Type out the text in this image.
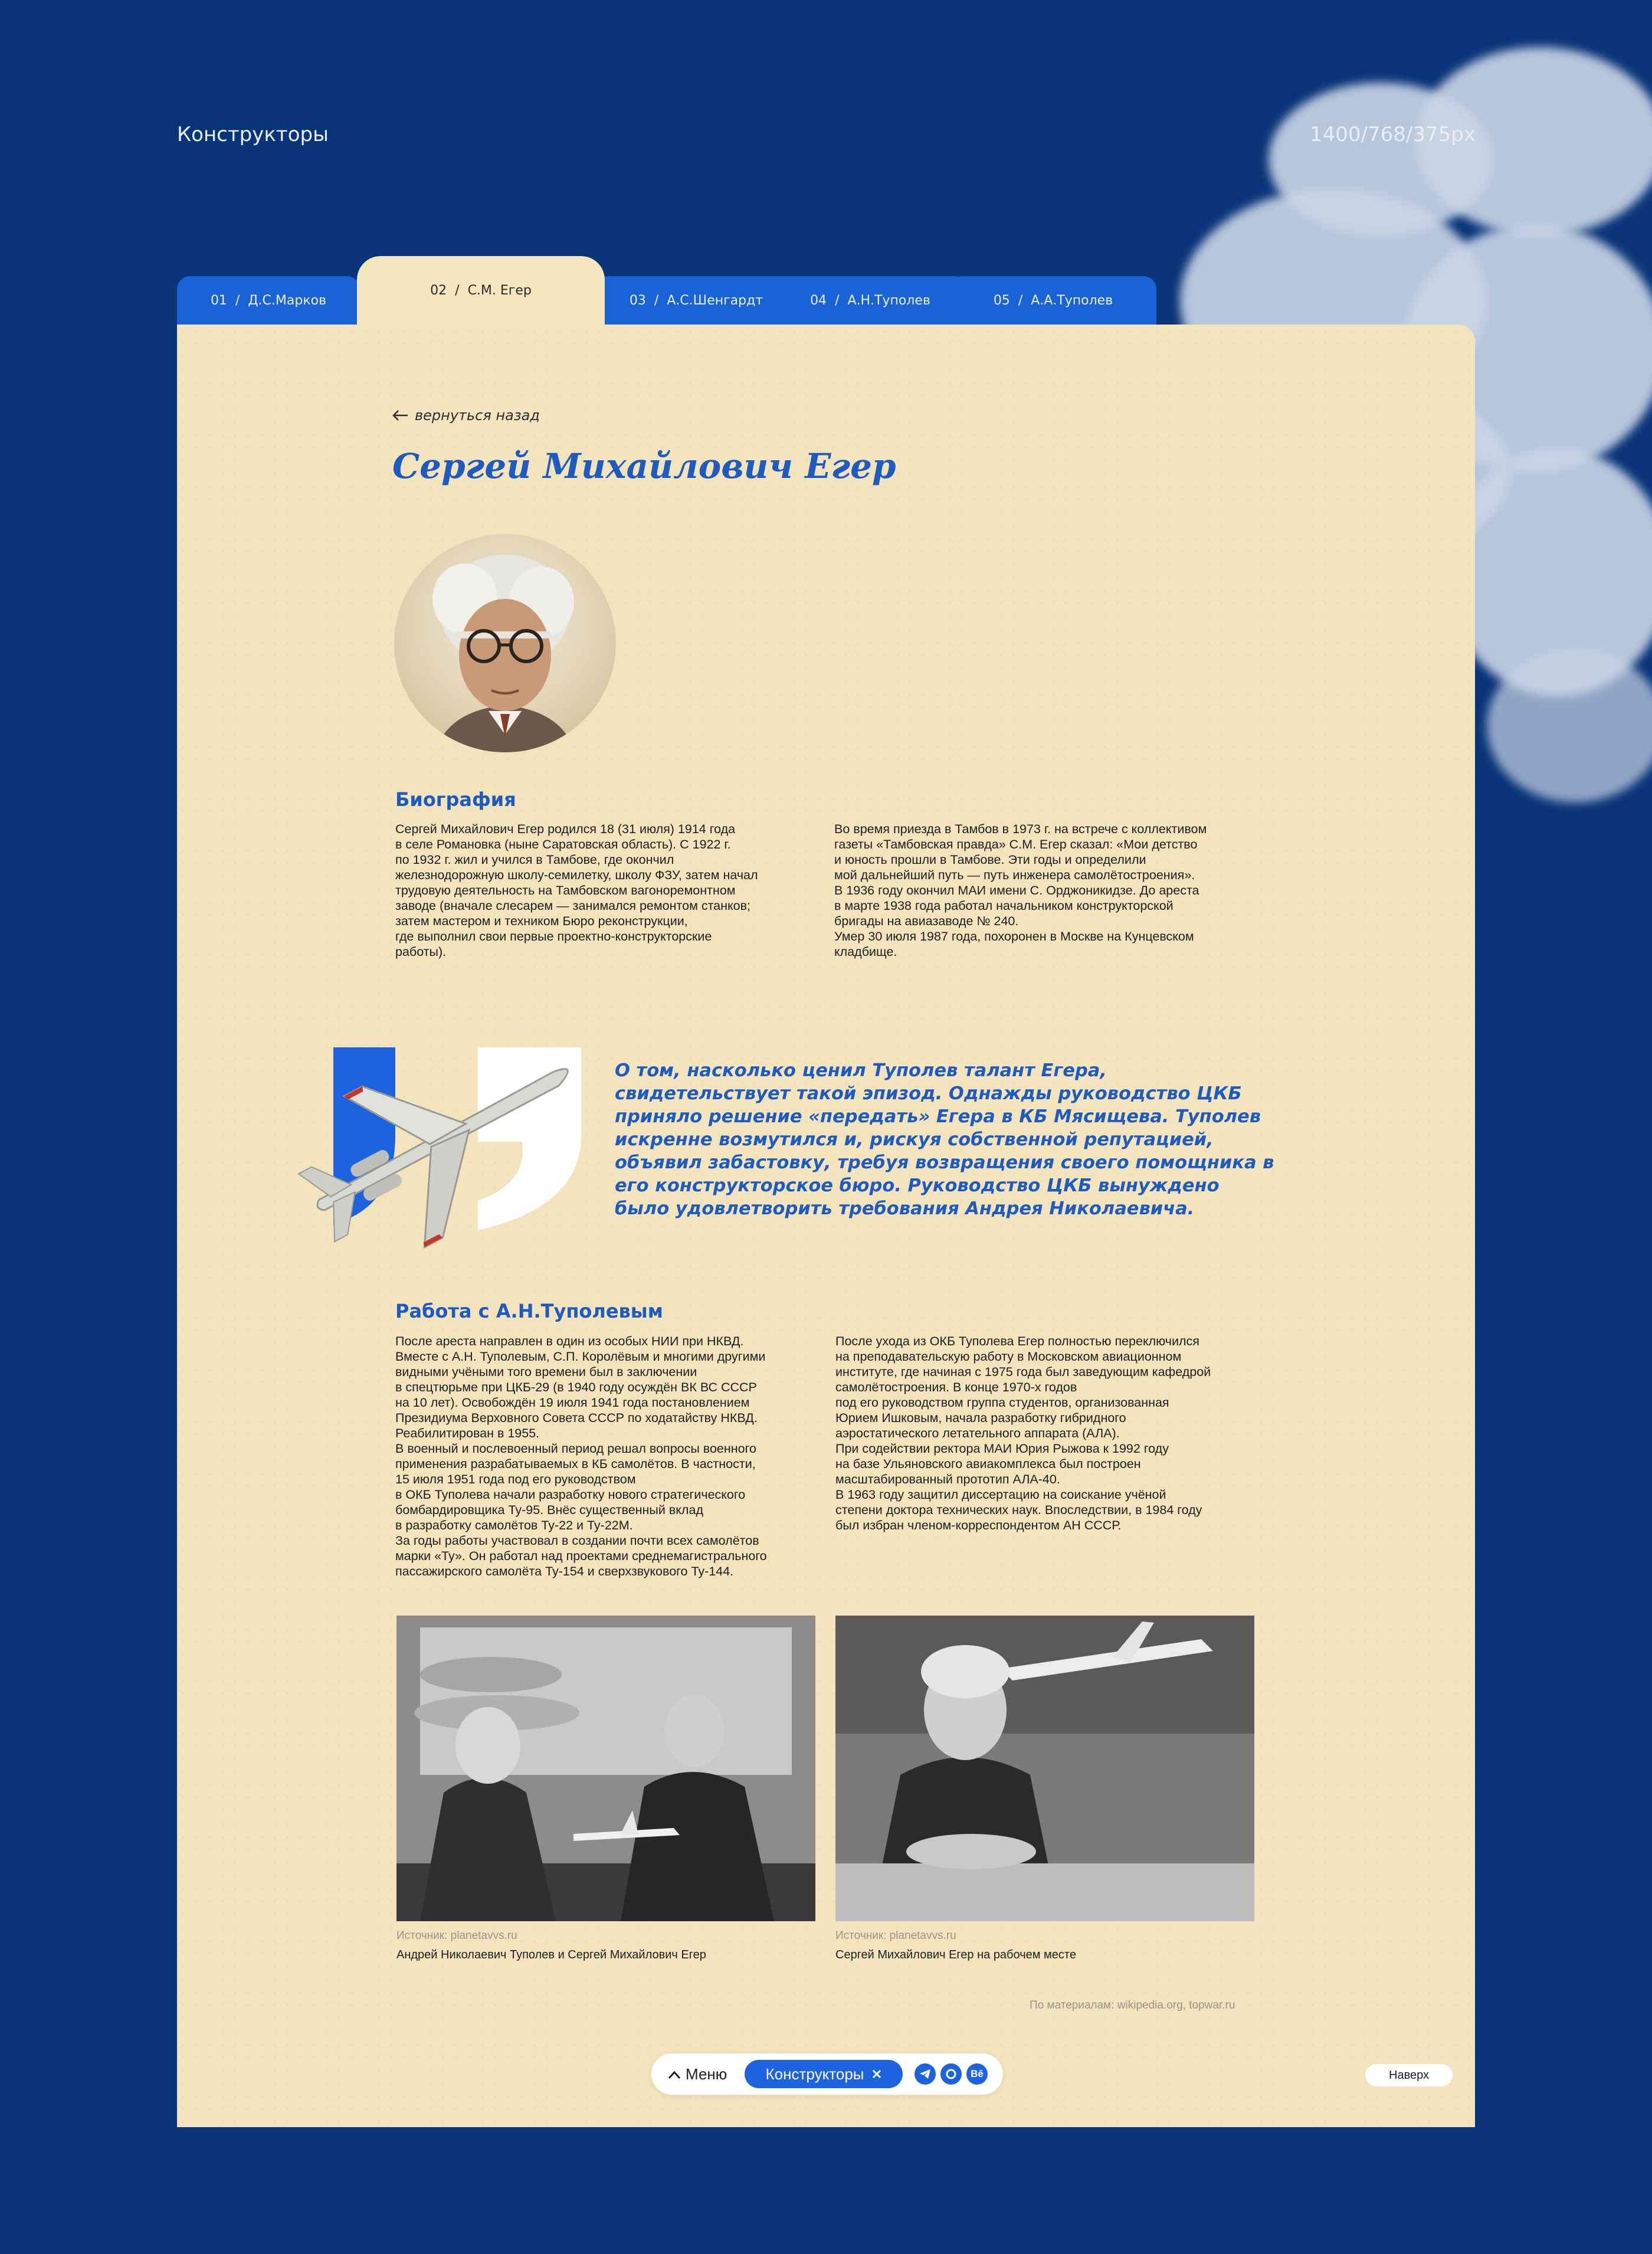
Конструкторы	1400/768/375px
01 / Д.С.Марков	03 / А.С.Шенгардт	04 / А.Н.Туполев	05 / А.А.Туполев
02 / С.М. Егер
вернуться назад
Сергей Михайлович Егер
Биография
Сергей Михайлович Егер родился 18 (31 июля) 1914 года
в селе Романовка (ныне Саратовская область). С 1922 г.
по 1932 г. жил и учился в Тамбове, где окончил
железнодорожную школу-семилетку, школу ФЗУ, затем начал
трудовую деятельность на Тамбовском вагоноремонтном
заводе (вначале слесарем — занимался ремонтом станков;
затем мастером и техником Бюро реконструкции,
где выполнил свои первые проектно-конструкторские
работы).
Во время приезда в Тамбов в 1973 г. на встрече с коллективом
газеты «Тамбовская правда» С.М. Егер сказал: «Мои детство
и юность прошли в Тамбове. Эти годы и определили
мой дальнейший путь — путь инженера самолётостроения».
В 1936 году окончил МАИ имени С. Орджоникидзе. До ареста
в марте 1938 года работал начальником конструкторской
бригады на авиазаводе № 240.
Умер 30 июля 1987 года, похоронен в Москве на Кунцевском
кладбище.
О том, насколько ценил Туполев талант Егера, свидетельствует такой эпизод. Однажды руководство ЦКБ приняло решение «передать» Егера в КБ Мясищева. Туполев искренне возмутился и, рискуя собственной репутацией, объявил забастовку, требуя возвращения своего помощника в его конструкторское бюро. Руководство ЦКБ вынуждено было удовлетворить требования Андрея Николаевича.
Работа с А.Н.Туполевым
После ареста направлен в один из особых НИИ при НКВД.
Вместе с А.Н. Туполевым, С.П. Королёвым и многими другими
видными учёными того времени был в заключении
в спецтюрьме при ЦКБ-29 (в 1940 году осуждён ВК ВС СССР
на 10 лет). Освобождён 19 июля 1941 года постановлением
Президиума Верховного Совета СССР по ходатайству НКВД.
Реабилитирован в 1955.
В военный и послевоенный период решал вопросы военного
применения разрабатываемых в КБ самолётов. В частности,
15 июля 1951 года под его руководством
в ОКБ Туполева начали разработку нового стратегического
бомбардировщика Ту-95. Внёс существенный вклад
в разработку самолётов Ту-22 и Ту-22М.
За годы работы участвовал в создании почти всех самолётов
марки «Ту». Он работал над проектами среднемагистрального
пассажирского самолёта Ту-154 и сверхзвукового Ту-144.
После ухода из ОКБ Туполева Егер полностью переключился
на преподавательскую работу в Московском авиационном
институте, где начиная с 1975 года был заведующим кафедрой
самолётостроения. В конце 1970-х годов
под его руководством группа студентов, организованная
Юрием Ишковым, начала разработку гибридного
аэростатического летательного аппарата (АЛА).
При содействии ректора МАИ Юрия Рыжова к 1992 году
на базе Ульяновского авиакомплекса был построен
масштабированный прототип АЛА-40.
В 1963 году защитил диссертацию на соискание учёной
степени доктора технических наук. Впоследствии, в 1984 году
был избран членом-корреспондентом АН СССР.
Источник: planetavvs.ru
Андрей Николаевич Туполев и Сергей Михайлович Егер
Источник: planetavvs.ru
Сергей Михайлович Егер на рабочем месте
По материалам: wikipedia.org, topwar.ru
Меню	Конструкторы	Bē	Наверх
